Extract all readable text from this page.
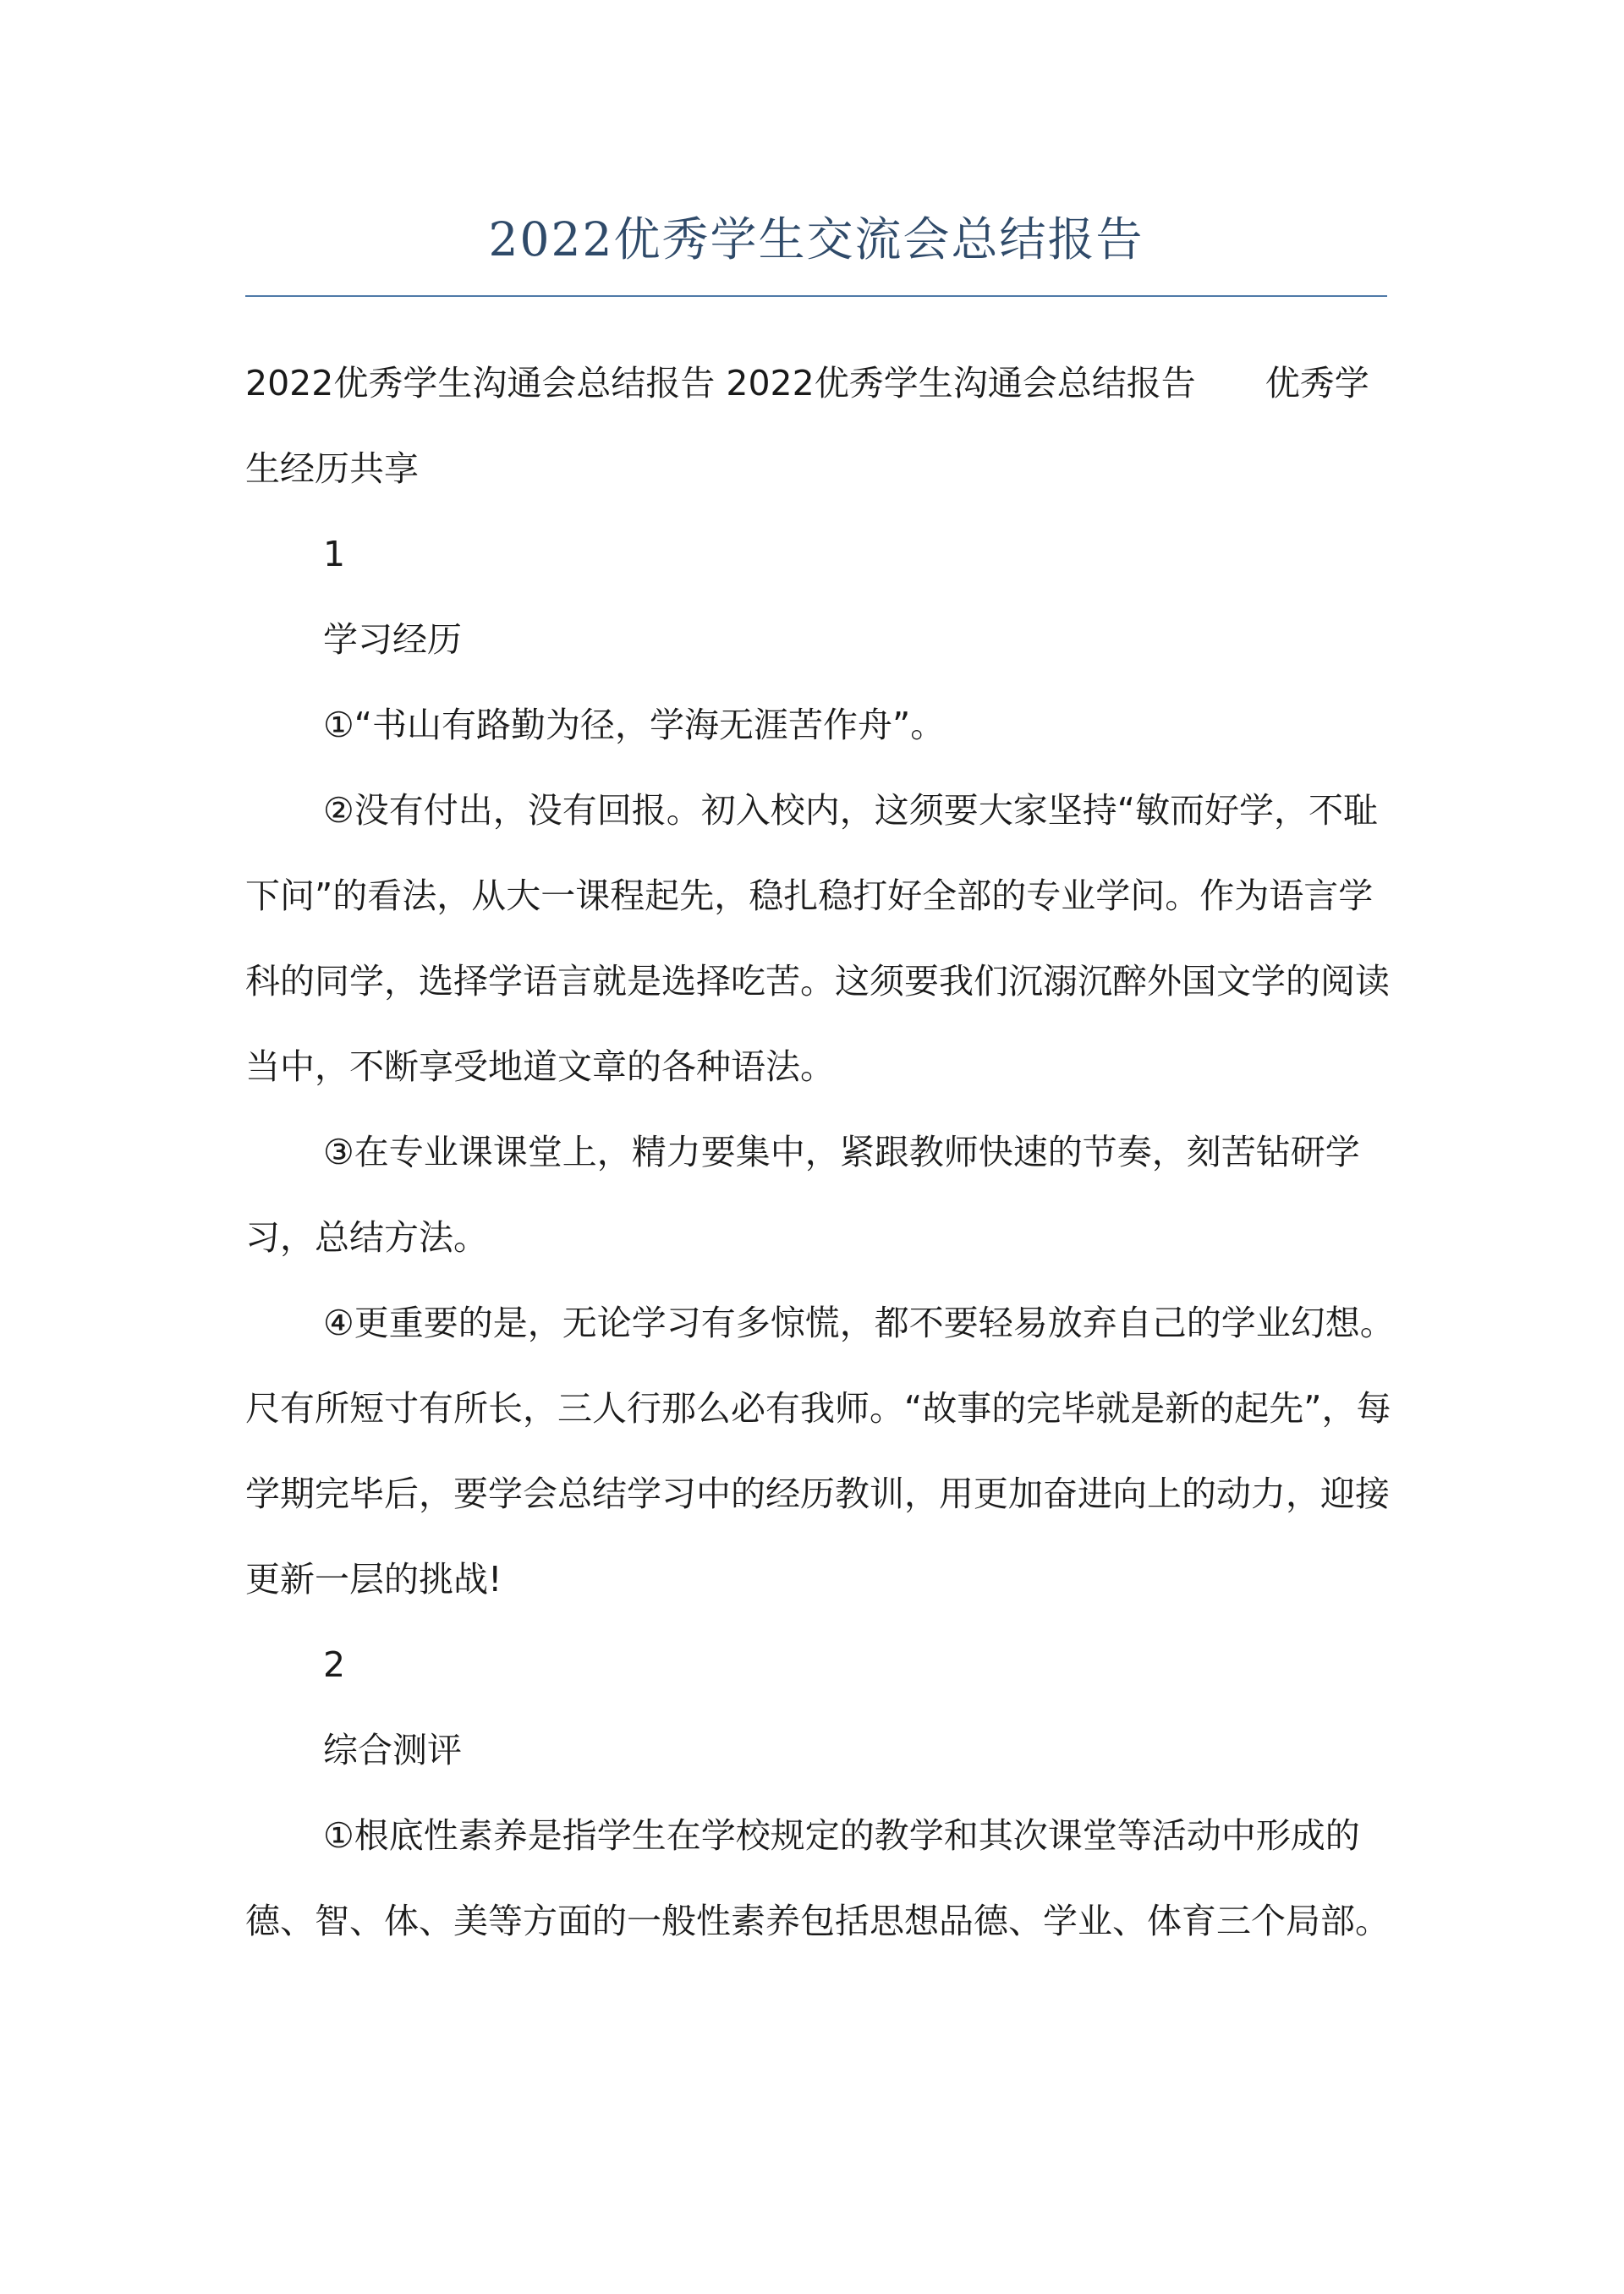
2022优秀学生交流会总结报告

2022优秀学生沟通会总结报告 2022优秀学生沟通会总结报告　　优秀学生经历共享

1

学习经历

①“书山有路勤为径，学海无涯苦作舟”。

②没有付出，没有回报。初入校内，这须要大家坚持“敏而好学，不耻下问”的看法，从大一课程起先，稳扎稳打好全部的专业学问。作为语言学科的同学，选择学语言就是选择吃苦。这须要我们沉溺沉醉外国文学的阅读当中，不断享受地道文章的各种语法。

③在专业课课堂上，精力要集中，紧跟教师快速的节奏，刻苦钻研学习，总结方法。

④更重要的是，无论学习有多惊慌，都不要轻易放弃自己的学业幻想。尺有所短寸有所长，三人行那么必有我师。“故事的完毕就是新的起先”，每学期完毕后，要学会总结学习中的经历教训，用更加奋进向上的动力，迎接更新一层的挑战!

2

综合测评

①根底性素养是指学生在学校规定的教学和其次课堂等活动中形成的德、智、体、美等方面的一般性素养包括思想品德、学业、体育三个局部。
